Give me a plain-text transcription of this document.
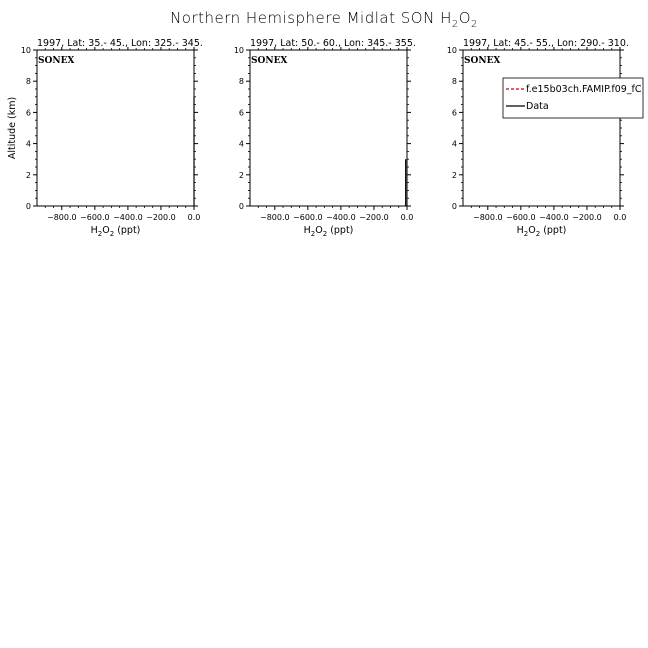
Northern Hemisphere Midlat SON $H_2O_2$
1997, Lat: 35.- 45., Lon: 325.- 345.
SONEX
−800.0 −600.0 −400.0 −200.0 0.0
0
2
4
6
8
10
$H_2O_2$ (ppt)
Altitude (km)
1997, Lat: 50.- 60., Lon: 345.- 355.
SONEX
−800.0 −600.0 −400.0 −200.0 0.0
0
2
4
6
8
10
$H_2O_2$ (ppt)
1997, Lat: 45.- 55., Lon: 290.- 310.
SONEX
−800.0 −600.0 −400.0 −200.0 0.0
0
2
4
6
8
10
$H_2O_2$ (ppt)
f.e15b03ch.FAMIP.f09_fC
Data
